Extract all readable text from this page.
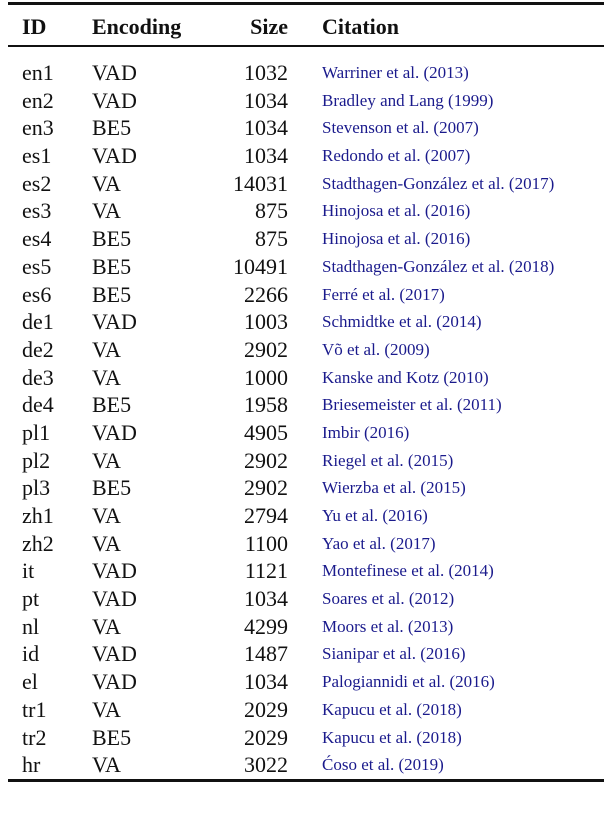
ID Encoding	Size Citation
en1 VAD	1032 Warriner et al. (2013)
en2 VAD	1034 Bradley and Lang (1999)
en3 BE5	1034 Stevenson et al. (2007)
es1 VAD	1034 Redondo et al. (2007)
es2 VA	14031 Stadthagen-González et al. (2017)
es3 VA	875 Hinojosa et al. (2016)
es4 BE5	875 Hinojosa et al. (2016)
es5 BE5	10491 Stadthagen-González et al. (2018)
es6 BE5	2266 Ferré et al. (2017)
de1 VAD	1003 Schmidtke et al. (2014)
de2 VA	2902 Võ et al. (2009)
de3 VA	1000 Kanske and Kotz (2010)
de4 BE5	1958 Briesemeister et al. (2011)
pl1 VAD	4905 Imbir (2016)
pl2 VA	2902 Riegel et al. (2015)
pl3 BE5	2902 Wierzba et al. (2015)
zh1 VA	2794 Yu et al. (2016)
zh2 VA	1100 Yao et al. (2017)
it	VAD	1121 Montefinese et al. (2014)
pt VAD	1034 Soares et al. (2012)
nl VA	4299 Moors et al. (2013)
id VAD	1487 Sianipar et al. (2016)
el VAD	1034 Palogiannidi et al. (2016)
tr1 VA	2029 Kapucu et al. (2018)
tr2 BE5	2029 Kapucu et al. (2018)
hr VA	3022 Ćoso et al. (2019)
